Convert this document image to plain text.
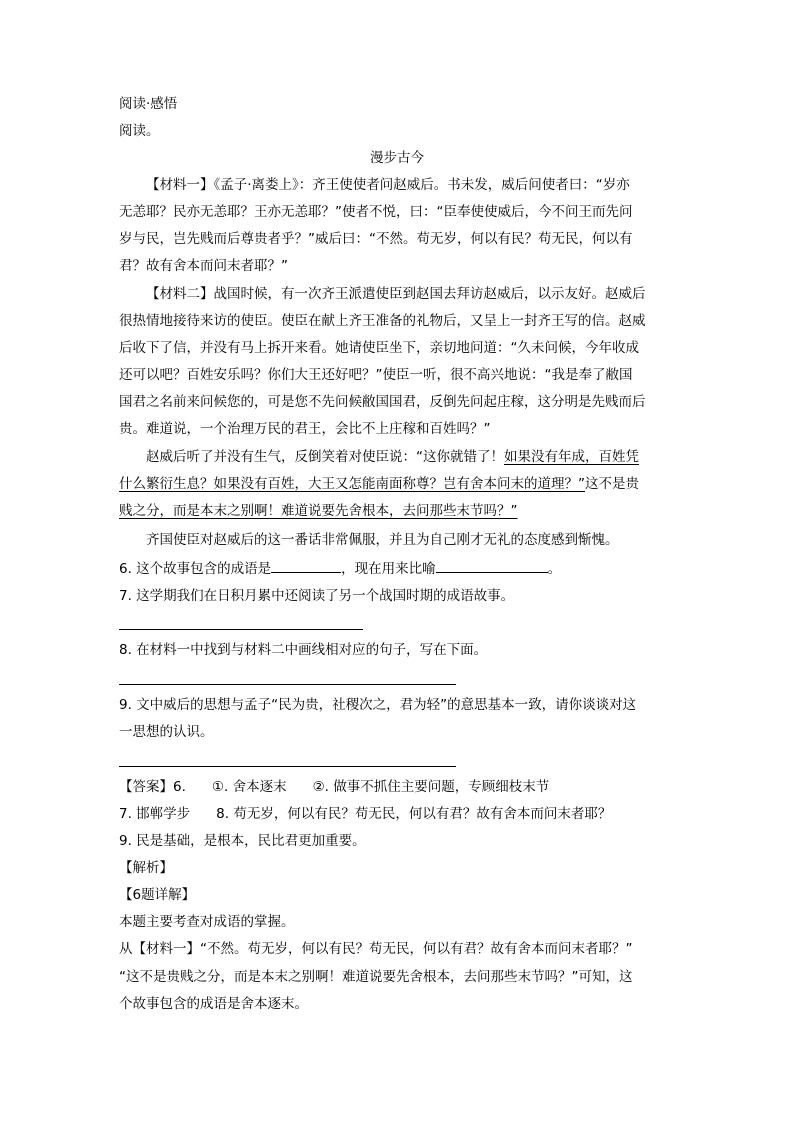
阅读·感悟
阅读。
漫步古今
【材料一】《孟子·离娄上》：齐王使使者问赵威后。书未发，威后问使者曰：“岁亦
无恙耶？民亦无恙耶？王亦无恙耶？”使者不悦，曰：“臣奉使使威后，今不问王而先问
岁与民，岂先贱而后尊贵者乎？”威后曰：“不然。苟无岁，何以有民？苟无民，何以有
君？故有舍本而问末者耶？”
【材料二】战国时候，有一次齐王派遣使臣到赵国去拜访赵威后，以示友好。赵威后
很热情地接待来访的使臣。使臣在献上齐王准备的礼物后，又呈上一封齐王写的信。赵威
后收下了信，并没有马上拆开来看。她请使臣坐下，亲切地问道：“久未问候，今年收成
还可以吧？百姓安乐吗？你们大王还好吧？”使臣一听，很不高兴地说：“我是奉了敝国
国君之名前来问候您的，可是您不先问候敝国国君，反倒先问起庄稼，这分明是先贱而后
贵。难道说，一个治理万民的君王，会比不上庄稼和百姓吗？”
赵威后听了并没有生气，反倒笑着对使臣说：“这你就错了！如果没有年成，百姓凭
什么繁衍生息？如果没有百姓，大王又怎能南面称尊？岂有舍本问末的道理？”这不是贵
贱之分，而是本末之别啊！难道说要先舍根本，去问那些末节吗？”
齐国使臣对赵威后的这一番话非常佩服，并且为自己刚才无礼的态度感到惭愧。
6. 这个故事包含的成语是	，现在用来比喻	。
7. 这学期我们在日积月累中还阅读了另一个战国时期的成语故事。
8. 在材料一中找到与材料二中画线相对应的句子，写在下面。
9. 文中威后的思想与孟子“民为贵，社稷次之，君为轻”的意思基本一致，请你谈谈对这
一思想的认识。
【答案】6. ①. 舍本逐末 ②. 做事不抓住主要问题，专顾细枝末节
7. 邯郸学步 8. 苟无岁，何以有民？苟无民，何以有君？故有舍本而问末者耶？
9. 民是基础，是根本，民比君更加重要。
【解析】
【6题详解】
本题主要考查对成语的掌握。
从【材料一】“不然。苟无岁，何以有民？苟无民，何以有君？故有舍本而问末者耶？”
“这不是贵贱之分，而是本末之别啊！难道说要先舍根本，去问那些末节吗？”可知，这
个故事包含的成语是舍本逐末。
